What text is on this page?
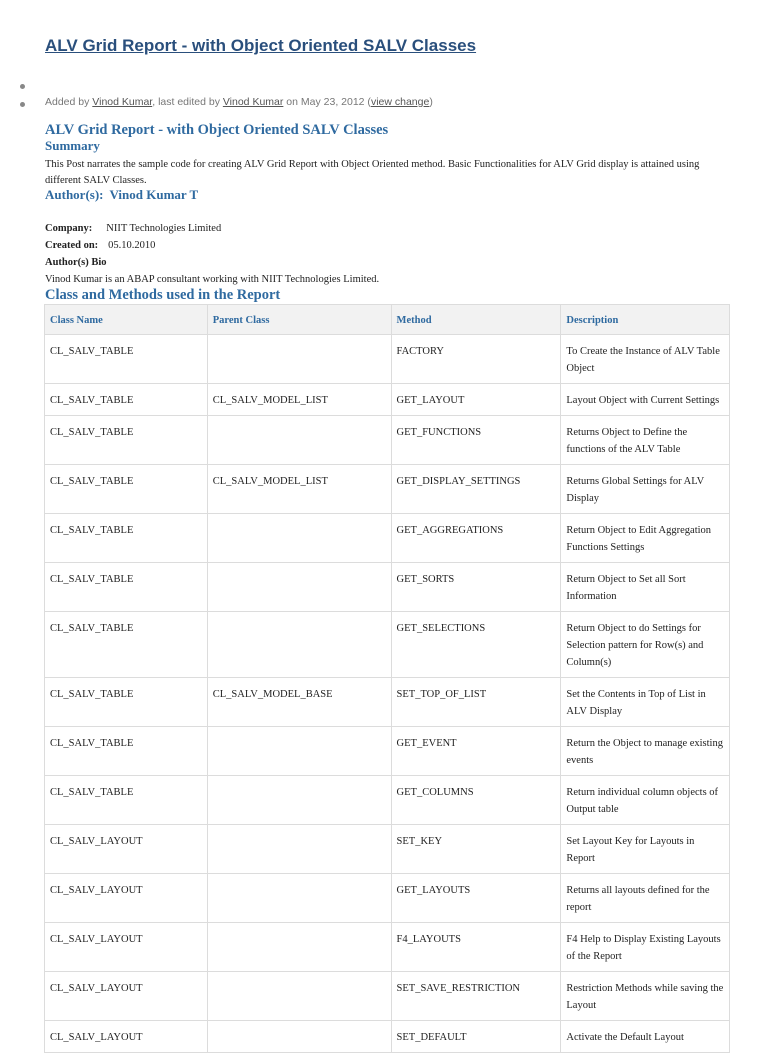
ALV Grid Report - with Object Oriented SALV Classes
Added by Vinod Kumar, last edited by Vinod Kumar on May 23, 2012 (view change)
ALV Grid Report - with Object Oriented SALV Classes
Summary

This Post narrates the sample code for creating ALV Grid Report with Object Oriented method. Basic Functionalities for ALV Grid display is attained using different SALV Classes.

Author(s): Vinod Kumar T
Company: NIIT Technologies Limited
Created on: 05.10.2010
Author(s) Bio
Vinod Kumar is an ABAP consultant working with NIIT Technologies Limited.
Class and Methods used in the Report
Class Name	Parent Class	Method	Description
CL_SALV_TABLE		FACTORY	To Create the Instance of ALV Table Object
CL_SALV_TABLE	CL_SALV_MODEL_LIST	GET_LAYOUT	Layout Object with Current Settings
CL_SALV_TABLE		GET_FUNCTIONS	Returns Object to Define the functions of the ALV Table
CL_SALV_TABLE	CL_SALV_MODEL_LIST	GET_DISPLAY_SETTINGS	Returns Global Settings for ALV Display
CL_SALV_TABLE		GET_AGGREGATIONS	Return Object to Edit Aggregation Functions Settings
CL_SALV_TABLE		GET_SORTS	Return Object to Set all Sort Information
CL_SALV_TABLE		GET_SELECTIONS	Return Object to do Settings for Selection pattern for Row(s) and Column(s)
CL_SALV_TABLE	CL_SALV_MODEL_BASE	SET_TOP_OF_LIST	Set the Contents in Top of List in ALV Display
CL_SALV_TABLE		GET_EVENT	Return the Object to manage existing events
CL_SALV_TABLE		GET_COLUMNS	Return individual column objects of Output table
CL_SALV_LAYOUT		SET_KEY	Set Layout Key for Layouts in Report
CL_SALV_LAYOUT		GET_LAYOUTS	Returns all layouts defined for the report
CL_SALV_LAYOUT		F4_LAYOUTS	F4 Help to Display Existing Layouts of the Report
CL_SALV_LAYOUT		SET_SAVE_RESTRICTION	Restriction Methods while saving the Layout
CL_SALV_LAYOUT		SET_DEFAULT	Activate the Default Layout
